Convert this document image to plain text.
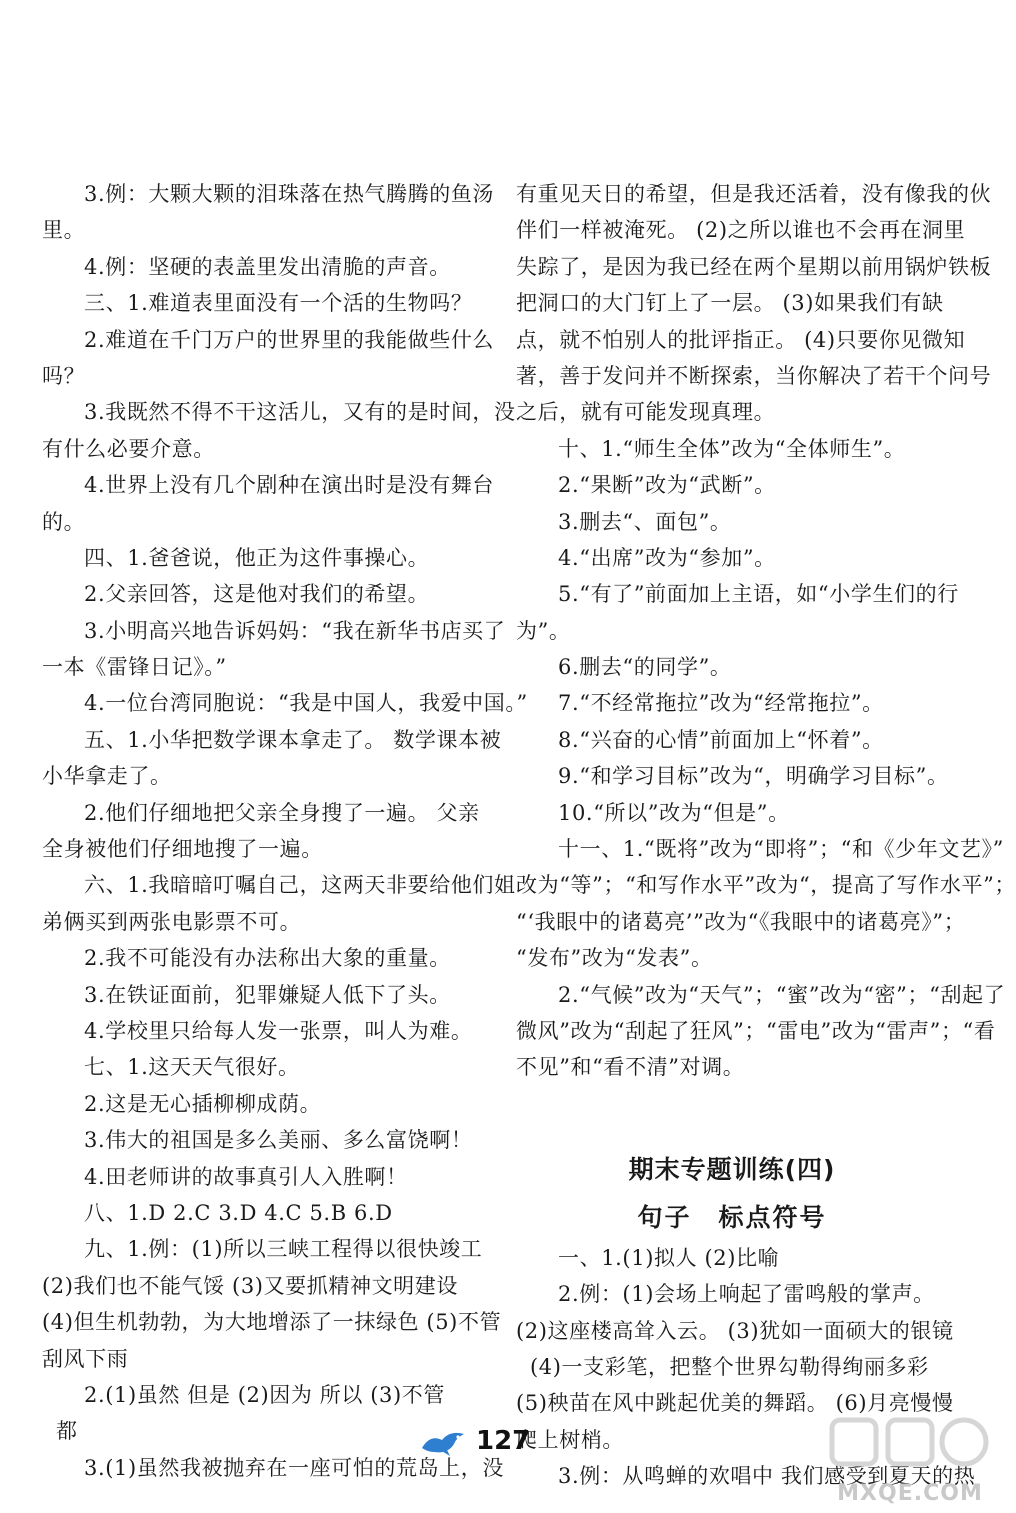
3.例：大颗大颗的泪珠落在热气腾腾的鱼汤
里。
4.例：坚硬的表盖里发出清脆的声音。
三、1.难道表里面没有一个活的生物吗？
2.难道在千门万户的世界里的我能做些什么
吗？
3.我既然不得不干这活儿，又有的是时间，没
有什么必要介意。
4.世界上没有几个剧种在演出时是没有舞台
的。
四、1.爸爸说，他正为这件事操心。
2.父亲回答，这是他对我们的希望。
3.小明高兴地告诉妈妈：“我在新华书店买了
一本《雷锋日记》。”
4.一位台湾同胞说：“我是中国人，我爱中国。”
五、1.小华把数学课本拿走了。 数学课本被
小华拿走了。
2.他们仔细地把父亲全身搜了一遍。 父亲
全身被他们仔细地搜了一遍。
六、1.我暗暗叮嘱自己，这两天非要给他们姐
弟俩买到两张电影票不可。
2.我不可能没有办法称出大象的重量。
3.在铁证面前，犯罪嫌疑人低下了头。
4.学校里只给每人发一张票，叫人为难。
七、1.这天天气很好。
2.这是无心插柳柳成荫。
3.伟大的祖国是多么美丽、多么富饶啊！
4.田老师讲的故事真引人入胜啊！
八、1.D 2.C 3.D 4.C 5.B 6.D
九、1.例：(1)所以三峡工程得以很快竣工
(2)我们也不能气馁 (3)又要抓精神文明建设
(4)但生机勃勃，为大地增添了一抹绿色 (5)不管
刮风下雨
2.(1)虽然 但是 (2)因为 所以 (3)不管
都
3.(1)虽然我被抛弃在一座可怕的荒岛上，没
有重见天日的希望，但是我还活着，没有像我的伙
伴们一样被淹死。 (2)之所以谁也不会再在洞里
失踪了，是因为我已经在两个星期以前用锅炉铁板
把洞口的大门钉上了一层。 (3)如果我们有缺
点，就不怕别人的批评指正。 (4)只要你见微知
著，善于发问并不断探索，当你解决了若干个问号
之后，就有可能发现真理。
十、1.“师生全体”改为“全体师生”。
2.“果断”改为“武断”。
3.删去“、面包”。
4.“出席”改为“参加”。
5.“有了”前面加上主语，如“小学生们的行
为”。
6.删去“的同学”。
7.“不经常拖拉”改为“经常拖拉”。
8.“兴奋的心情”前面加上“怀着”。
9.“和学习目标”改为“，明确学习目标”。
10.“所以”改为“但是”。
十一、1.“既将”改为“即将”；“和《少年文艺》”
改为“等”；“和写作水平”改为“，提高了写作水平”；
“‘我眼中的诸葛亮’”改为“《我眼中的诸葛亮》”；
“发布”改为“发表”。
2.“气候”改为“天气”；“蜜”改为“密”；“刮起了
微风”改为“刮起了狂风”；“雷电”改为“雷声”；“看
不见”和“看不清”对调。
期末专题训练(四)
句子　标点符号
一、1.(1)拟人 (2)比喻
2.例：(1)会场上响起了雷鸣般的掌声。
(2)这座楼高耸入云。 (3)犹如一面硕大的银镜
(4)一支彩笔，把整个世界勾勒得绚丽多彩
(5)秧苗在风中跳起优美的舞蹈。 (6)月亮慢慢
爬上树梢。
3.例：从鸣蝉的欢唱中 我们感受到夏天的热
127
MXQE.COM
